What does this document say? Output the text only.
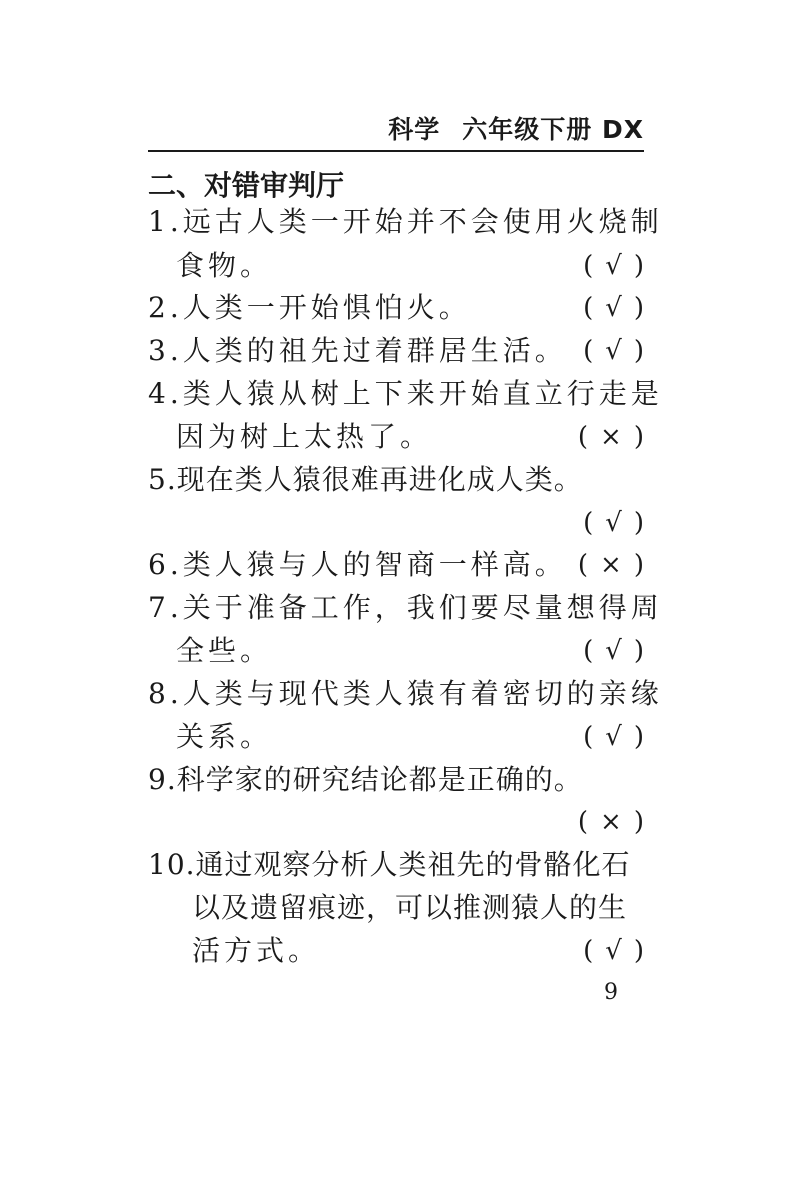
科学 六年级下册 DX
二、对错审判厅
1.远古人类一开始并不会使用火烧制
食物。	( √ )
2.人类一开始惧怕火。	( √ )
3.人类的祖先过着群居生活。 ( √ )
4.类人猿从树上下来开始直立行走是
因为树上太热了。	( × )
5.现在类人猿很难再进化成人类。
( √ )
6.类人猿与人的智商一样高。 ( × )
7.关于准备工作，我们要尽量想得周
全些。	( √ )
8.人类与现代类人猿有着密切的亲缘
关系。	( √ )
9.科学家的研究结论都是正确的。
( × )
10.通过观察分析人类祖先的骨骼化石
以及遗留痕迹，可以推测猿人的生
活方式。	( √ )
9
